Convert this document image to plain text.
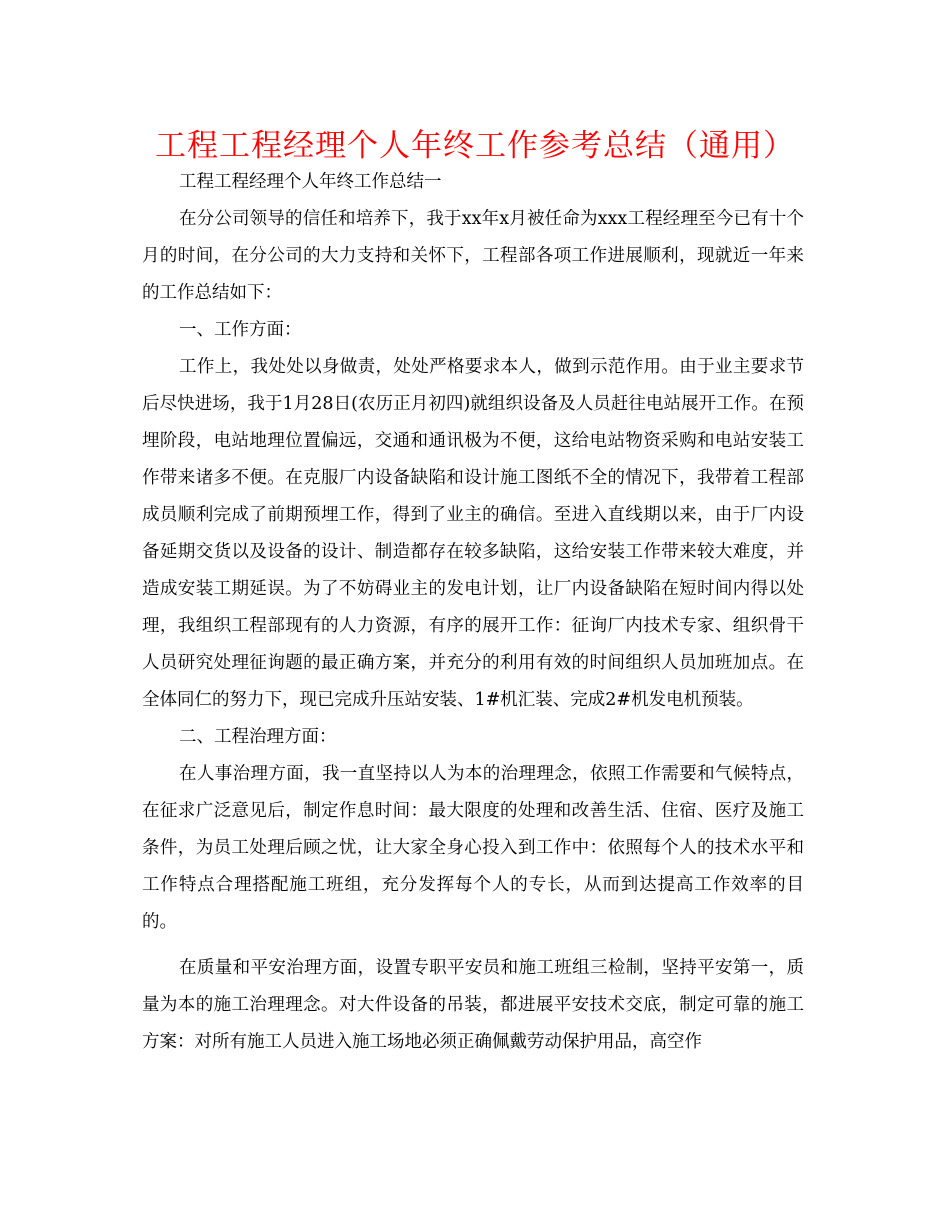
工程工程经理个人年终工作参考总结（通用）

工程工程经理个人年终工作总结一

在分公司领导的信任和培养下，我于xx年x月被任命为xxx工程经理至今已有十个月的时间，在分公司的大力支持和关怀下，工程部各项工作进展顺利，现就近一年来的工作总结如下：

一、工作方面：

工作上，我处处以身做责，处处严格要求本人，做到示范作用。由于业主要求节后尽快进场，我于1月28日(农历正月初四)就组织设备及人员赶往电站展开工作。在预埋阶段，电站地理位置偏远，交通和通讯极为不便，这给电站物资采购和电站安装工作带来诸多不便。在克服厂内设备缺陷和设计施工图纸不全的情况下，我带着工程部成员顺利完成了前期预埋工作，得到了业主的确信。至进入直线期以来，由于厂内设备延期交货以及设备的设计、制造都存在较多缺陷，这给安装工作带来较大难度，并造成安装工期延误。为了不妨碍业主的发电计划，让厂内设备缺陷在短时间内得以处理，我组织工程部现有的人力资源，有序的展开工作：征询厂内技术专家、组织骨干人员研究处理征询题的最正确方案，并充分的利用有效的时间组织人员加班加点。在全体同仁的努力下，现已完成升压站安装、1#机汇装、完成2#机发电机预装。

二、工程治理方面：

在人事治理方面，我一直坚持以人为本的治理理念，依照工作需要和气候特点，在征求广泛意见后，制定作息时间：最大限度的处理和改善生活、住宿、医疗及施工条件，为员工处理后顾之忧，让大家全身心投入到工作中：依照每个人的技术水平和工作特点合理搭配施工班组，充分发挥每个人的专长，从而到达提高工作效率的目的。

在质量和平安治理方面，设置专职平安员和施工班组三检制，坚持平安第一，质量为本的施工治理理念。对大件设备的吊装，都进展平安技术交底，制定可靠的施工方案：对所有施工人员进入施工场地必须正确佩戴劳动保护用品，高空作
